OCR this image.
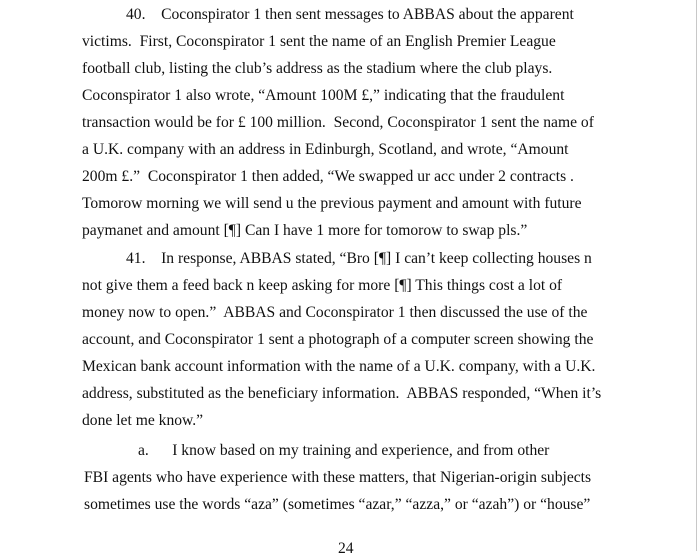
40.    Coconspirator 1 then sent messages to ABBAS about the apparent
victims.  First, Coconspirator 1 sent the name of an English Premier League
football club, listing the club’s address as the stadium where the club plays.
Coconspirator 1 also wrote, “Amount 100M £,” indicating that the fraudulent
transaction would be for £ 100 million.  Second, Coconspirator 1 sent the name of
a U.K. company with an address in Edinburgh, Scotland, and wrote, “Amount
200m £.”  Coconspirator 1 then added, “We swapped ur acc under 2 contracts .
Tomorow morning we will send u the previous payment and amount with future
paymanet and amount [¶] Can I have 1 more for tomorow to swap pls.”
41.    In response, ABBAS stated, “Bro [¶] I can’t keep collecting houses n
not give them a feed back n keep asking for more [¶] This things cost a lot of
money now to open.”  ABBAS and Coconspirator 1 then discussed the use of the
account, and Coconspirator 1 sent a photograph of a computer screen showing the
Mexican bank account information with the name of a U.K. company, with a U.K.
address, substituted as the beneficiary information.  ABBAS responded, “When it’s
done let me know.”
a.      I know based on my training and experience, and from other
FBI agents who have experience with these matters, that Nigerian-origin subjects
sometimes use the words “aza” (sometimes “azar,” “azza,” or “azah”) or “house”
24
